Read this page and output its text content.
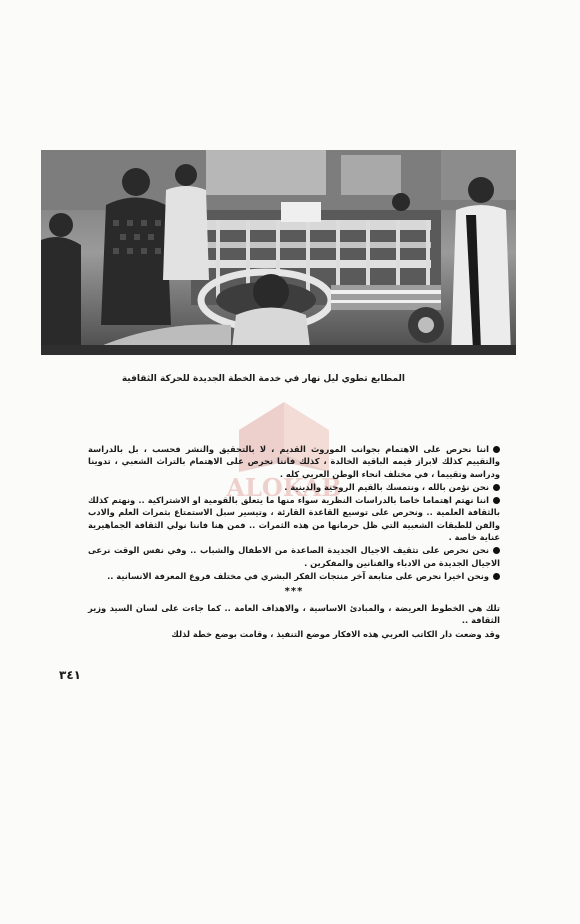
المطابع تطوي ليل نهار في خدمة الخطة الجديدة للحركة الثقافية
ALOKAB

اننا نحرص على الاهتمام بجوانب الموروث القديم ، لا بالتحقيق والنشر فحسب ، بل بالدراسة والتقييم كذلك لابراز قيمه الباقية الخالدة ، كذلك فاننا نحرص على الاهتمام بالتراث الشعبي ، تدوينا ودراسة وتقييما ، في مختلف انحاء الوطن العربي كله .

نحن نؤمن بالله ، ونتمسك بالقيم الروحية والدينية .

اننا نهتم اهتماما خاصا بالدراسات النظرية سواء منها ما يتعلق بالقومية او الاشتراكية .. ونهتم كذلك بالثقافة العلمية .. ونحرص على توسيع القاعدة القارئة ، وتيسير سبل الاستمتاع بثمرات العلم والادب والفن للطبقات الشعبية التي ظل حرمانها من هذه الثمرات .. فمن هنا فاننا نولي الثقافة الجماهيرية عناية خاصة .

نحن نحرص على تثقيف الاجيال الجديدة الصاعدة من الاطفال والشباب .. وفي نفس الوقت نرعى الاجيال الجديدة من الادباء والفنانين والمفكرين .

ونحن اخيرا نحرص على متابعة آخر منتجات الفكر البشري في مختلف فروع المعرفة الانسانية ..

***

تلك هي الخطوط العريضة ، والمبادئ الاساسية ، والاهداف العامة .. كما جاءت على لسان السيد وزير الثقافة ..

وقد وضعت دار الكاتب العربي هذه الافكار موضع التنفيذ ، وقامت بوضع خطة لذلك

٣٤١
